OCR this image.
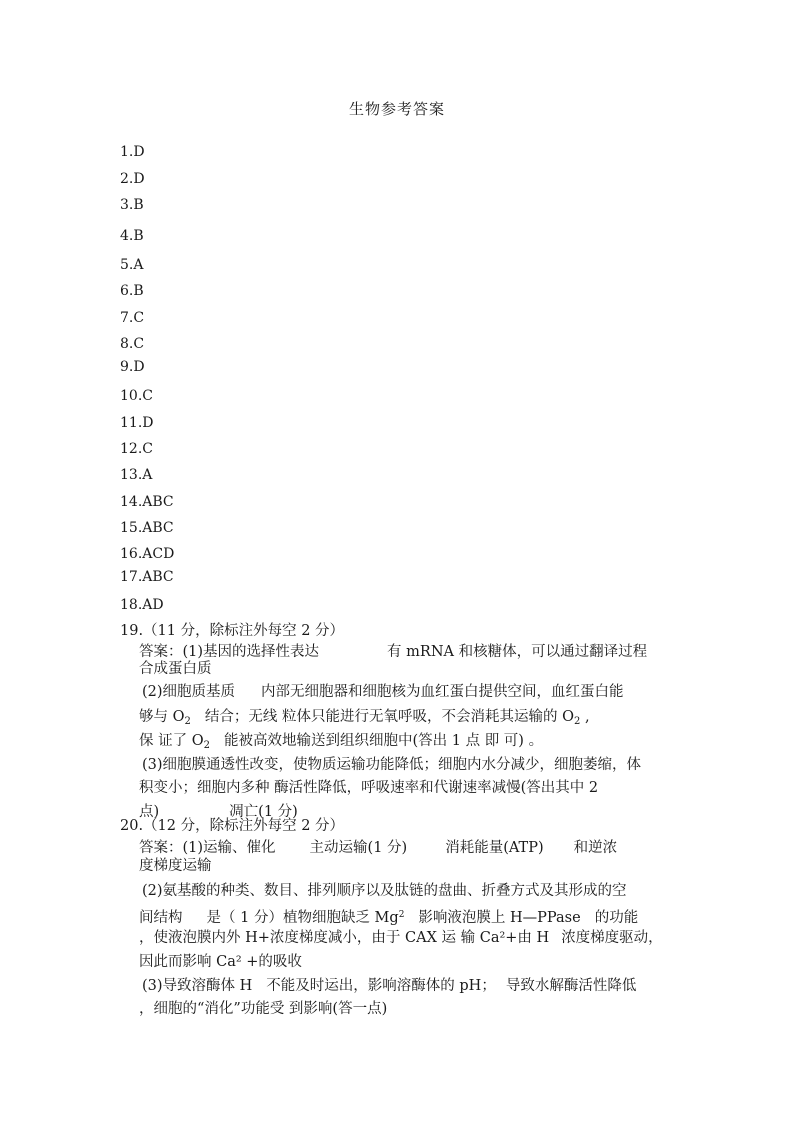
生物参考答案
1.D
2.D
3.B
4.B
5.A
6.B
7.C
8.C
9.D
10.C
11.D
12.C
13.A
14.ABC
15.ABC
16.ACD
17.ABC
18.AD
19.（11 分，除标注外每空 2 分）
答案：(1)基因的选择性表达	有 mRNA 和核糖体，可以通过翻译过程
合成蛋白质
(2)细胞质基质 内部无细胞器和细胞核为血红蛋白提供空间，血红蛋白能
够与 $O_2$ 结合；无线 粒体只能进行无氧呼吸，不会消耗其运输的 $O_2$ ,
保 证了 $O_2$ 能被高效地输送到组织细胞中(答出 1 点 即 可) 。
(3)细胞膜通透性改变，使物质运输功能降低；细胞内水分减少，细胞萎缩，体
积变小；细胞内多种 酶活性降低，呼吸速率和代谢速率减慢(答出其中 2
点)	凋亡(1 分)
20.（12 分，除标注外每空 2 分）
答案：(1)运输、催化 主动运输(1 分)	消耗能量(ATP) 和逆浓
度梯度运输
(2)氨基酸的种类、数目、排列顺序以及肽链的盘曲、折叠方式及其形成的空
间结构 是（ 1 分）植物细胞缺乏 Mg$^2$ 影响液泡膜上 H—PPase 的功能
，使液泡膜内外 H+浓度梯度减小，由于 CAX 运 输 Ca²+由 H 浓度梯度驱动，
因此而影响 Ca² +的吸收
(3)导致溶酶体 H 不能及时运出，影响溶酶体的 pH； 导致水解酶活性降低
，细胞的“消化”功能受 到影响(答一点)
